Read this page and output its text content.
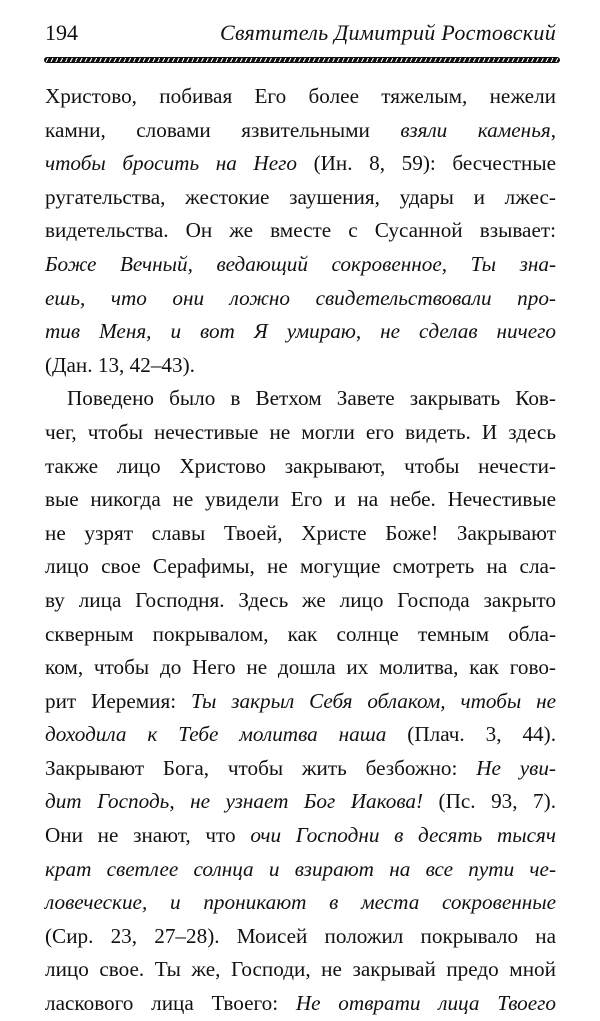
194	Святитель Димитрий Ростовский
Христово, побивая Его более тяжелым, нежели
камни, словами язвительными взяли каменья,
чтобы бросить на Него (Ин. 8, 59): бесчестные
ругательства, жестокие заушения, удары и лжес-
видетельства. Он же вместе с Сусанной взывает:
Боже Вечный, ведающий сокровенное, Ты зна-
ешь, что они ложно свидетельствовали про-
тив Меня, и вот Я умираю, не сделав ничего
(Дан. 13, 42–43).
Поведено было в Ветхом Завете закрывать Ков-
чег, чтобы нечестивые не могли его видеть. И здесь
также лицо Христово закрывают, чтобы нечести-
вые никогда не увидели Его и на небе. Нечестивые
не узрят славы Твоей, Христе Боже! Закрывают
лицо свое Серафимы, не могущие смотреть на сла-
ву лица Господня. Здесь же лицо Господа закрыто
скверным покрывалом, как солнце темным обла-
ком, чтобы до Него не дошла их молитва, как гово-
рит Иеремия: Ты закрыл Себя облаком, чтобы не
доходила к Тебе молитва наша (Плач. 3, 44).
Закрывают Бога, чтобы жить безбожно: Не уви-
дит Господь, не узнает Бог Иакова! (Пс. 93, 7).
Они не знают, что очи Господни в десять тысяч
крат светлее солнца и взирают на все пути че-
ловеческие, и проникают в места сокровенные
(Сир. 23, 27–28). Моисей положил покрывало на
лицо свое. Ты же, Господи, не закрывай предо мной
ласкового лица Твоего: Не отврати лица Твоего
